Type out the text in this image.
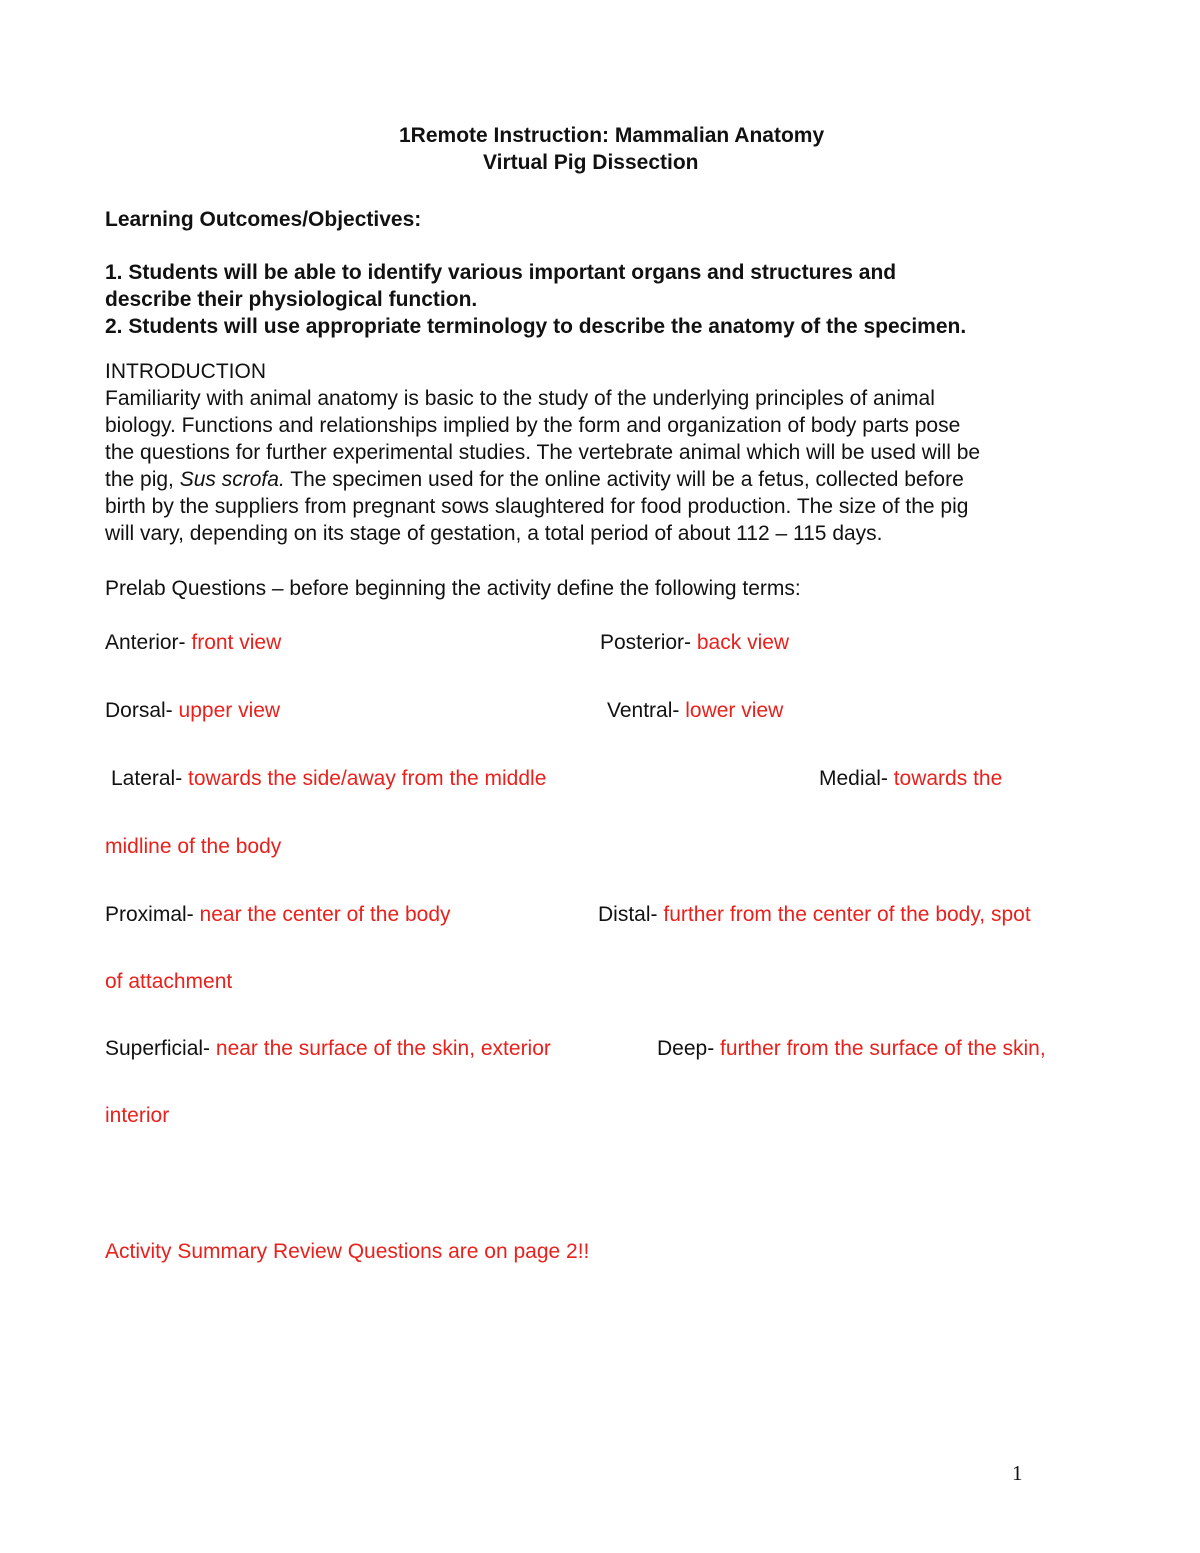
1Remote Instruction: Mammalian Anatomy
Virtual Pig Dissection
Learning Outcomes/Objectives:
1. Students will be able to identify various important organs and structures and
describe their physiological function.
2. Students will use appropriate terminology to describe the anatomy of the specimen.
INTRODUCTION
Familiarity with animal anatomy is basic to the study of the underlying principles of animal
biology. Functions and relationships implied by the form and organization of body parts pose
the questions for further experimental studies. The vertebrate animal which will be used will be
the pig, Sus scrofa. The specimen used for the online activity will be a fetus, collected before
birth by the suppliers from pregnant sows slaughtered for food production. The size of the pig
will vary, depending on its stage of gestation, a total period of about 112 – 115 days.
Prelab Questions – before beginning the activity define the following terms:
Anterior- front view	Posterior- back view
Dorsal- upper view	Ventral- lower view
Lateral- towards the side/away from the middle	Medial- towards the
midline of the body
Proximal- near the center of the body	Distal- further from the center of the body, spot
of attachment
Superficial- near the surface of the skin, exterior	Deep- further from the surface of the skin,
interior
Activity Summary Review Questions are on page 2!!
1
